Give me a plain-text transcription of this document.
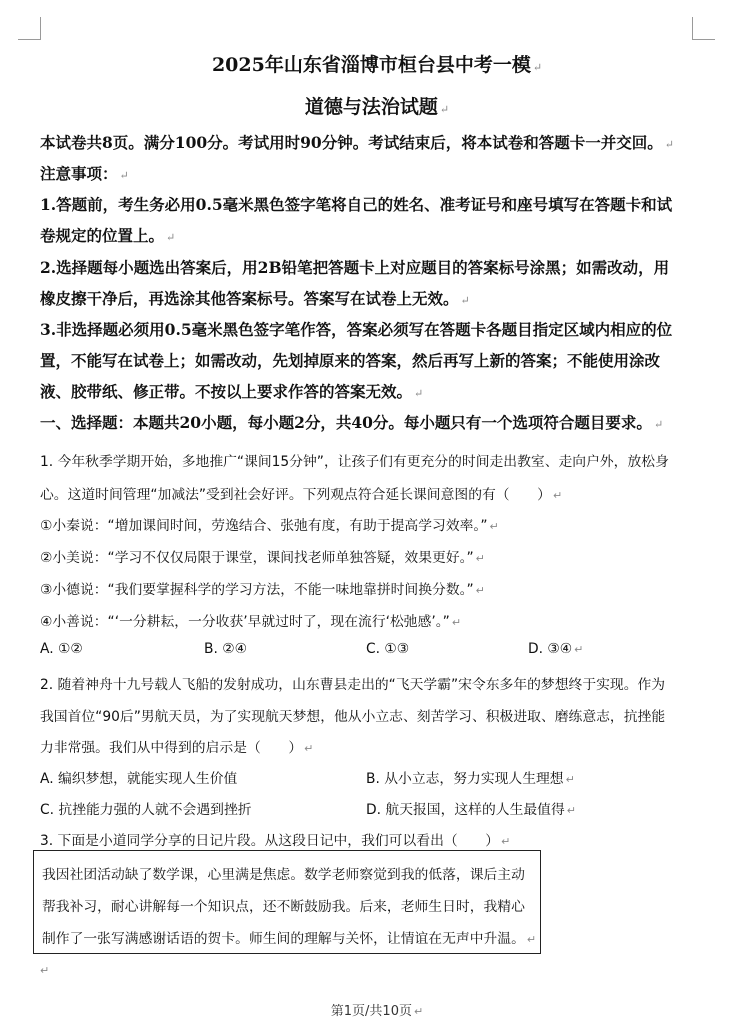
2025年山东省淄博市桓台县中考一模 ↵
道德与法治试题 ↵
本试卷共8页。满分100分。考试用时90分钟。考试结束后，将本试卷和答题卡一并交回。 ↵
注意事项： ↵
1.答题前，考生务必用0.5毫米黑色签字笔将自己的姓名、准考证号和座号填写在答题卡和试
卷规定的位置上。 ↵
2.选择题每小题选出答案后，用2B铅笔把答题卡上对应题目的答案标号涂黑；如需改动，用
橡皮擦干净后，再选涂其他答案标号。答案写在试卷上无效。 ↵
3.非选择题必须用0.5毫米黑色签字笔作答，答案必须写在答题卡各题目指定区域内相应的位
置，不能写在试卷上；如需改动，先划掉原来的答案，然后再写上新的答案；不能使用涂改
液、胶带纸、修正带。不按以上要求作答的答案无效。 ↵
一、选择题：本题共20小题，每小题2分，共40分。每小题只有一个选项符合题目要求。 ↵
1. 今年秋季学期开始，多地推广“课间15分钟”，让孩子们有更充分的时间走出教室、走向户外，放松身
心。这道时间管理“加减法”受到社会好评。下列观点符合延长课间意图的有（　　） ↵
①小秦说：“增加课间时间，劳逸结合、张弛有度，有助于提高学习效率。” ↵
②小美说：“学习不仅仅局限于课堂，课间找老师单独答疑，效果更好。” ↵
③小德说：“我们要掌握科学的学习方法，不能一味地靠拼时间换分数。” ↵
④小善说：“‘一分耕耘，一分收获’早就过时了，现在流行‘松弛感’。” ↵
A. ①②	B. ②④	C. ①③	D. ③④ ↵
2. 随着神舟十九号载人飞船的发射成功，山东曹县走出的“飞天学霸”宋令东多年的梦想终于实现。作为
我国首位“90后”男航天员，为了实现航天梦想，他从小立志、刻苦学习、积极进取、磨练意志，抗挫能
力非常强。我们从中得到的启示是（　　） ↵
A. 编织梦想，就能实现人生价值	B. 从小立志，努力实现人生理想 ↵
C. 抗挫能力强的人就不会遇到挫折	D. 航天报国，这样的人生最值得 ↵
3. 下面是小道同学分享的日记片段。从这段日记中，我们可以看出（　　） ↵
我因社团活动缺了数学课，心里满是焦虑。数学老师察觉到我的低落，课后主动
帮我补习，耐心讲解每一个知识点，还不断鼓励我。后来，老师生日时，我精心
制作了一张写满感谢话语的贺卡。师生间的理解与关怀，让情谊在无声中升温。 ↵
↵
第1页/共10页 ↵
